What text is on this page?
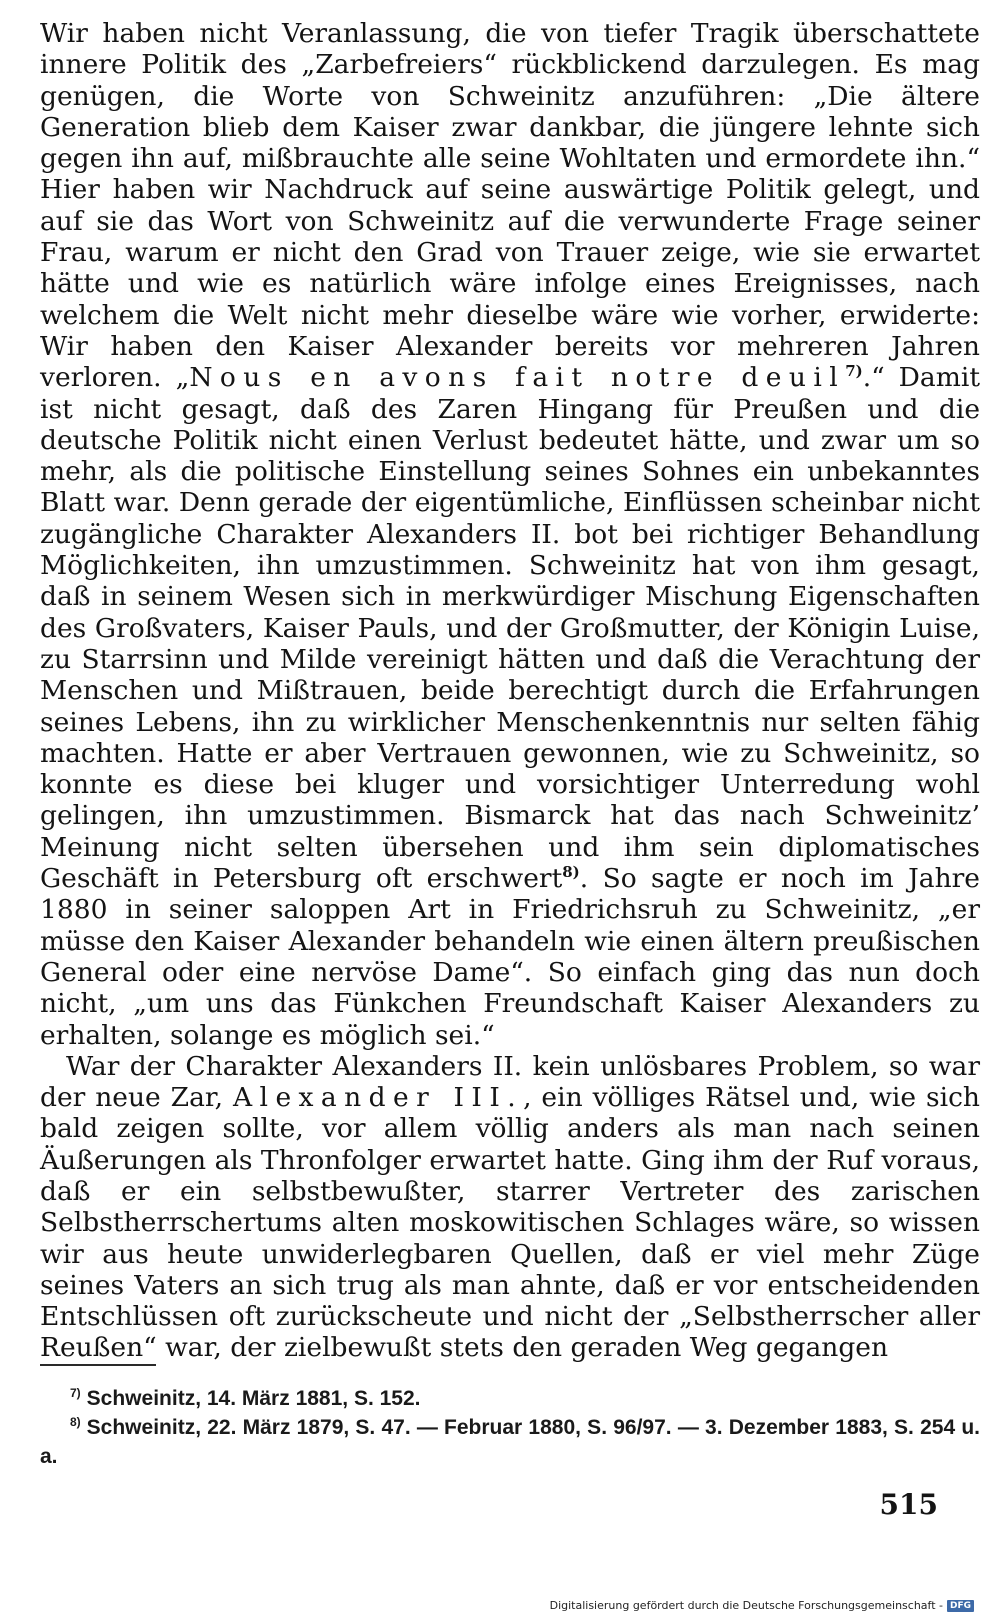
Wir haben nicht Veranlassung, die von tiefer Tragik überschattete innere Politik des „Zarbefreiers“ rückblickend darzulegen. Es mag genügen, die Worte von Schweinitz anzuführen: „Die ältere Generation blieb dem Kaiser zwar dankbar, die jüngere lehnte sich gegen ihn auf, mißbrauchte alle seine Wohltaten und ermordete ihn.“ Hier haben wir Nachdruck auf seine auswärtige Politik gelegt, und auf sie das Wort von Schweinitz auf die verwunderte Frage seiner Frau, warum er nicht den Grad von Trauer zeige, wie sie erwartet hätte und wie es natürlich wäre infolge eines Ereignisses, nach welchem die Welt nicht mehr dieselbe wäre wie vorher, erwiderte: Wir haben den Kaiser Alexander bereits vor mehreren Jahren verloren. „Nous en avons fait notre deuil$^{7)}$.“ Damit ist nicht gesagt, daß des Zaren Hingang für Preußen und die deutsche Politik nicht einen Verlust bedeutet hätte, und zwar um so mehr, als die politische Einstellung seines Sohnes ein unbekanntes Blatt war. Denn gerade der eigentümliche, Einflüssen scheinbar nicht zugängliche Charakter Alexanders II. bot bei richtiger Behandlung Möglichkeiten, ihn umzustimmen. Schweinitz hat von ihm gesagt, daß in seinem Wesen sich in merkwürdiger Mischung Eigenschaften des Großvaters, Kaiser Pauls, und der Großmutter, der Königin Luise, zu Starrsinn und Milde vereinigt hätten und daß die Verachtung der Menschen und Mißtrauen, beide berechtigt durch die Erfahrungen seines Lebens, ihn zu wirklicher Menschenkenntnis nur selten fähig machten. Hatte er aber Vertrauen gewonnen, wie zu Schweinitz, so konnte es diese bei kluger und vorsichtiger Unterredung wohl gelingen, ihn umzustimmen. Bismarck hat das nach Schweinitz’ Meinung nicht selten übersehen und ihm sein diplomatisches Geschäft in Petersburg oft erschwert$^{8)}$. So sagte er noch im Jahre 1880 in seiner saloppen Art in Friedrichsruh zu Schweinitz, „er müsse den Kaiser Alexander behandeln wie einen ältern preußischen General oder eine nervöse Dame“. So einfach ging das nun doch nicht, „um uns das Fünkchen Freundschaft Kaiser Alexanders zu erhalten, solange es möglich sei.“

War der Charakter Alexanders II. kein unlösbares Problem, so war der neue Zar, Alexander III., ein völliges Rätsel und, wie sich bald zeigen sollte, vor allem völlig anders als man nach seinen Äußerungen als Thronfolger erwartet hatte. Ging ihm der Ruf voraus, daß er ein selbstbewußter, starrer Vertreter des zarischen Selbstherrschertums alten moskowitischen Schlages wäre, so wissen wir aus heute unwiderlegbaren Quellen, daß er viel mehr Züge seines Vaters an sich trug als man ahnte, daß er vor entscheidenden Entschlüssen oft zurückscheute und nicht der „Selbstherrscher aller Reußen“ war, der zielbewußt stets den geraden Weg gegangen

$^{7)}$ Schweinitz, 14. März 1881, S. 152.

$^{8)}$ Schweinitz, 22. März 1879, S. 47. — Februar 1880, S. 96/97. — 3. Dezember 1883, S. 254 u. a.

515
Digitalisierung gefördert durch die Deutsche Forschungsgemeinschaft - DFG
